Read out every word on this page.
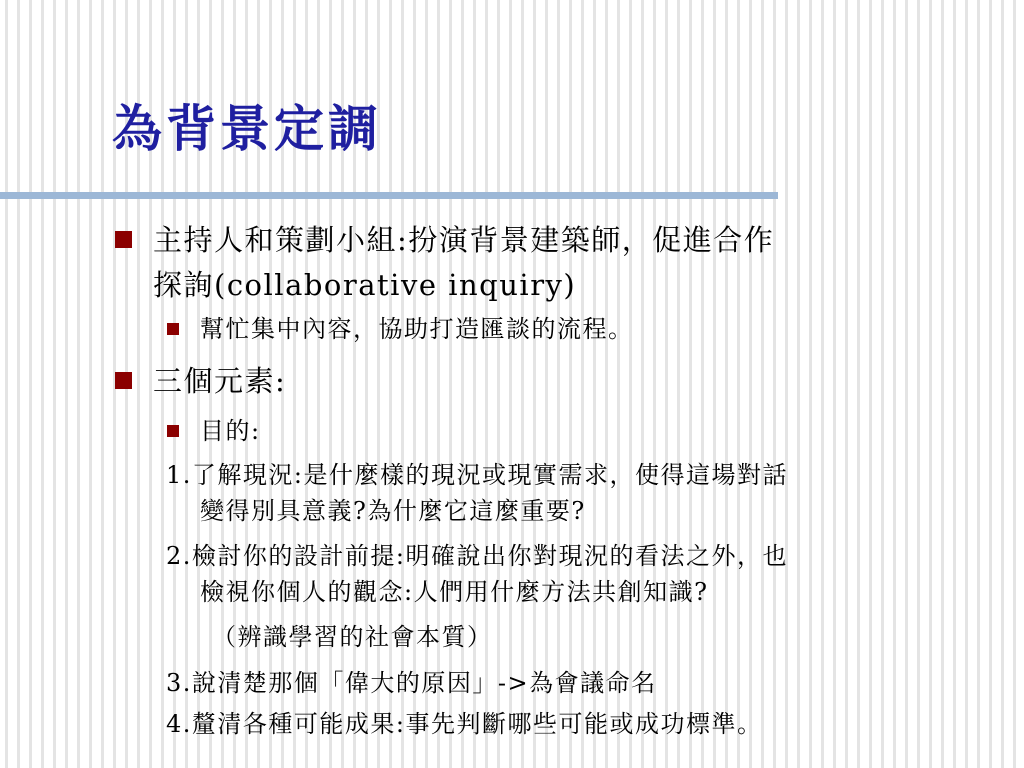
為背景定調

主持人和策劃小組:扮演背景建築師，促進合作

探詢(collaborative inquiry)

幫忙集中內容，協助打造匯談的流程。

三個元素:

目的:

1.了解現況:是什麼樣的現況或現實需求，使得這場對話

變得別具意義?為什麼它這麼重要?

2.檢討你的設計前提:明確說出你對現況的看法之外，也

檢視你個人的觀念:人們用什麼方法共創知識?

（辨識學習的社會本質）

3.說清楚那個「偉大的原因」->為會議命名

4.釐清各種可能成果:事先判斷哪些可能或成功標準。
